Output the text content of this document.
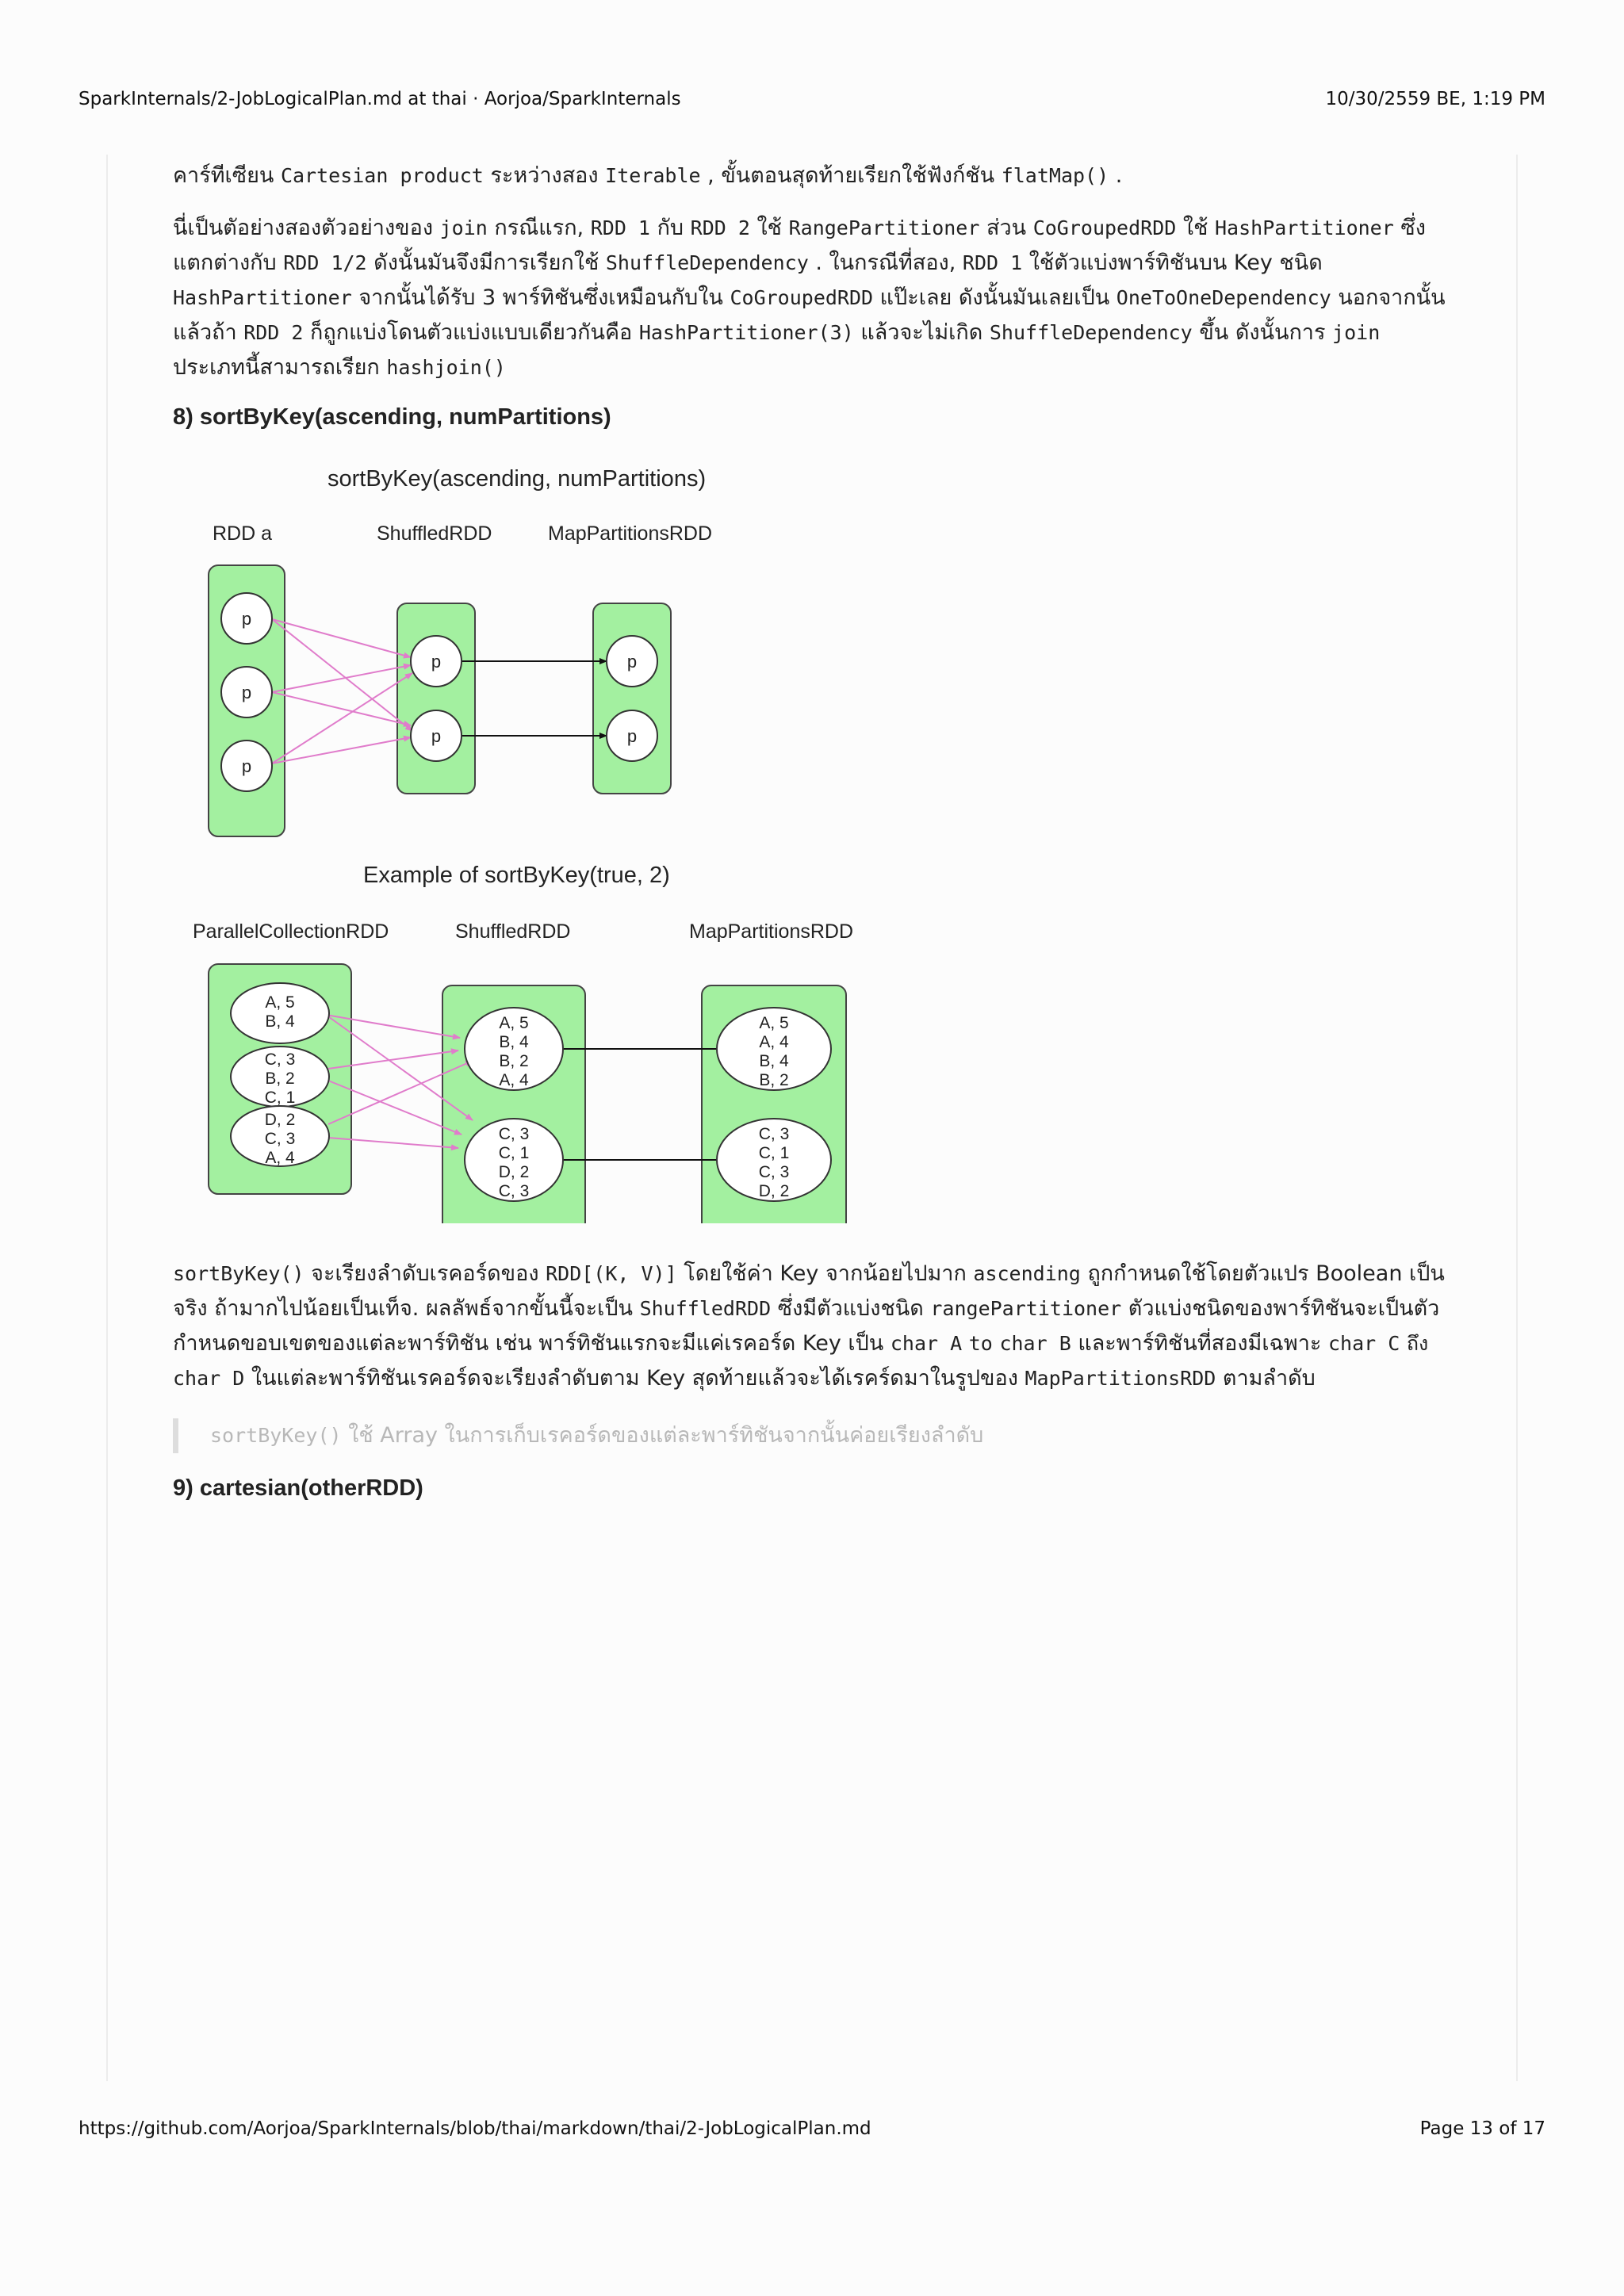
SparkInternals/2-JobLogicalPlan.md at thai · Aorjoa/SparkInternals	10/30/2559 BE, 1:19 PM

คาร์ทีเซียน Cartesian product ระหว่างสอง Iterable , ขั้นตอนสุดท้ายเรียกใช้ฟังก์ชัน flatMap() .

นี่เป็นตัอย่างสองตัวอย่างของ join กรณีแรก, RDD 1 กับ RDD 2 ใช้ RangePartitioner ส่วน CoGroupedRDD ใช้ HashPartitioner ซึ่งแตกต่างกับ RDD 1/2 ดังนั้นมันจึงมีการเรียกใช้ ShuffleDependency . ในกรณีที่สอง, RDD 1 ใช้ตัวแบ่งพาร์ทิชันบน Key ชนิด HashPartitioner จากนั้นได้รับ 3 พาร์ทิชันซึ่งเหมือนกับใน CoGroupedRDD แป๊ะเลย ดังนั้นมันเลยเป็น OneToOneDependency นอกจากนั้นแล้วถ้า RDD 2 ก็ถูกแบ่งโดนตัวแบ่งแบบเดียวกันคือ HashPartitioner(3) แล้วจะไม่เกิด ShuffleDependency ขึ้น ดังนั้นการ join ประเภทนี้สามารถเรียก hashjoin()

8) sortByKey(ascending, numPartitions)
sortByKey(ascending, numPartitions)
RDD a	ShuffledRDD	MapPartitionsRDD
p
p
p
p
p
p
p
Example of sortByKey(true, 2)
ParallelCollectionRDD	ShuffledRDD	MapPartitionsRDD
A, 5
B, 4
C, 3
B, 2
C, 1
D, 2
C, 3
A, 4
A, 5
B, 4
B, 2
A, 4
C, 3
C, 1
D, 2
C, 3
A, 5
A, 4
B, 4
B, 2
C, 3
C, 1
C, 3
D, 2

sortByKey() จะเรียงลำดับเรคอร์ดของ RDD[(K, V)] โดยใช้ค่า Key จากน้อยไปมาก ascending ถูกกำหนดใช้โดยตัวแปร Boolean เป็นจริง ถ้ามากไปน้อยเป็นเท็จ. ผลลัพธ์จากขั้นนี้จะเป็น ShuffledRDD ซึ่งมีตัวแบ่งชนิด rangePartitioner ตัวแบ่งชนิดของพาร์ทิชันจะเป็นตัวกำหนดขอบเขตของแต่ละพาร์ทิชัน เช่น พาร์ทิชันแรกจะมีแค่เรคอร์ด Key เป็น char A to char B และพาร์ทิชันที่สองมีเฉพาะ char C ถึง char D ในแต่ละพาร์ทิชันเรคอร์ดจะเรียงลำดับตาม Key สุดท้ายแล้วจะได้เรคร์ดมาในรูปของ MapPartitionsRDD ตามลำดับ

sortByKey() ใช้ Array ในการเก็บเรคอร์ดของแต่ละพาร์ทิชันจากนั้นค่อยเรียงลำดับ
9) cartesian(otherRDD)
https://github.com/Aorjoa/SparkInternals/blob/thai/markdown/thai/2-JobLogicalPlan.md	Page 13 of 17
